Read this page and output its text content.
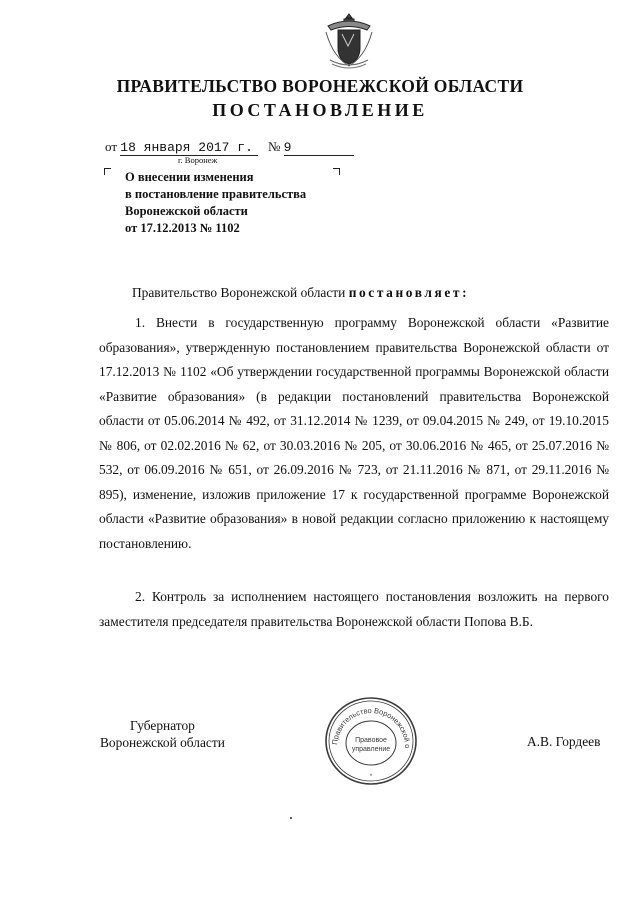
ПРАВИТЕЛЬСТВО ВОРОНЕЖСКОЙ ОБЛАСТИ
ПОСТАНОВЛЕНИЕ
от 18 января 2017 г. № 9
г. Воронеж
О внесении изменения
в постановление правительства
Воронежской области
от 17.12.2013 № 1102
Правительство Воронежской области постановляет:
1. Внести в государственную программу Воронежской области «Развитие образования», утвержденную постановлением правительства Воронежской области от 17.12.2013 № 1102 «Об утверждении государственной программы Воронежской области «Развитие образования» (в редакции постановлений правительства Воронежской области от 05.06.2014 № 492, от 31.12.2014 № 1239, от 09.04.2015 № 249, от 19.10.2015 № 806, от 02.02.2016 № 62, от 30.03.2016 № 205, от 30.06.2016 № 465, от 25.07.2016 № 532, от 06.09.2016 № 651, от 26.09.2016 № 723, от 21.11.2016 № 871, от 29.11.2016 № 895), изменение, изложив приложение 17 к государственной программе Воронежской области «Развитие образования» в новой редакции согласно приложению к настоящему постановлению.
2. Контроль за исполнением настоящего постановления возложить на первого заместителя председателя правительства Воронежской области Попова В.Б.
Губернатор
Воронежской области	Правительство Воронежской о
Правовое
управление
*
А.В. Гордеев
